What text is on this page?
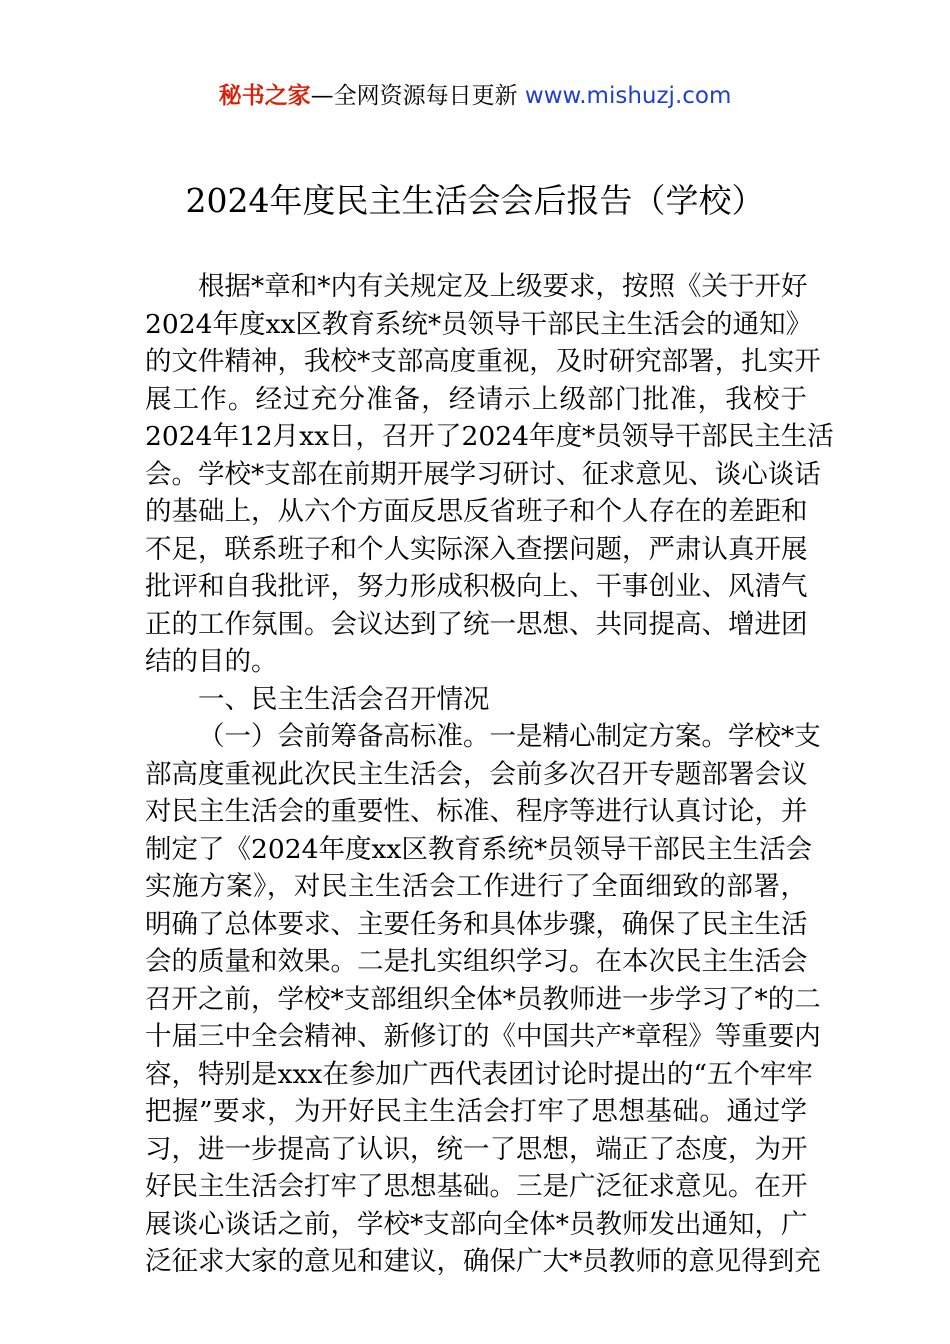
秘书之家—全网资源每日更新 www.mishuzj.com
2024年度民主生活会会后报告（学校）
根据*章和*内有关规定及上级要求，按照《关于开好
2024年度xx区教育系统*员领导干部民主生活会的通知》
的文件精神，我校*支部高度重视，及时研究部署，扎实开
展工作。经过充分准备，经请示上级部门批准，我校于
2024年12月xx日，召开了2024年度*员领导干部民主生活
会。学校*支部在前期开展学习研讨、征求意见、谈心谈话
的基础上，从六个方面反思反省班子和个人存在的差距和
不足，联系班子和个人实际深入查摆问题，严肃认真开展
批评和自我批评，努力形成积极向上、干事创业、风清气
正的工作氛围。会议达到了统一思想、共同提高、增进团
结的目的。
一、民主生活会召开情况
（一）会前筹备高标准。一是精心制定方案。学校*支
部高度重视此次民主生活会，会前多次召开专题部署会议
对民主生活会的重要性、标准、程序等进行认真讨论，并
制定了《2024年度xx区教育系统*员领导干部民主生活会
实施方案》，对民主生活会工作进行了全面细致的部署，
明确了总体要求、主要任务和具体步骤，确保了民主生活
会的质量和效果。二是扎实组织学习。在本次民主生活会
召开之前，学校*支部组织全体*员教师进一步学习了*的二
十届三中全会精神、新修订的《中国共产*章程》等重要内
容，特别是xxx在参加广西代表团讨论时提出的“五个牢牢
把握”要求，为开好民主生活会打牢了思想基础。通过学
习，进一步提高了认识，统一了思想，端正了态度，为开
好民主生活会打牢了思想基础。三是广泛征求意见。在开
展谈心谈话之前，学校*支部向全体*员教师发出通知，广
泛征求大家的意见和建议，确保广大*员教师的意见得到充
